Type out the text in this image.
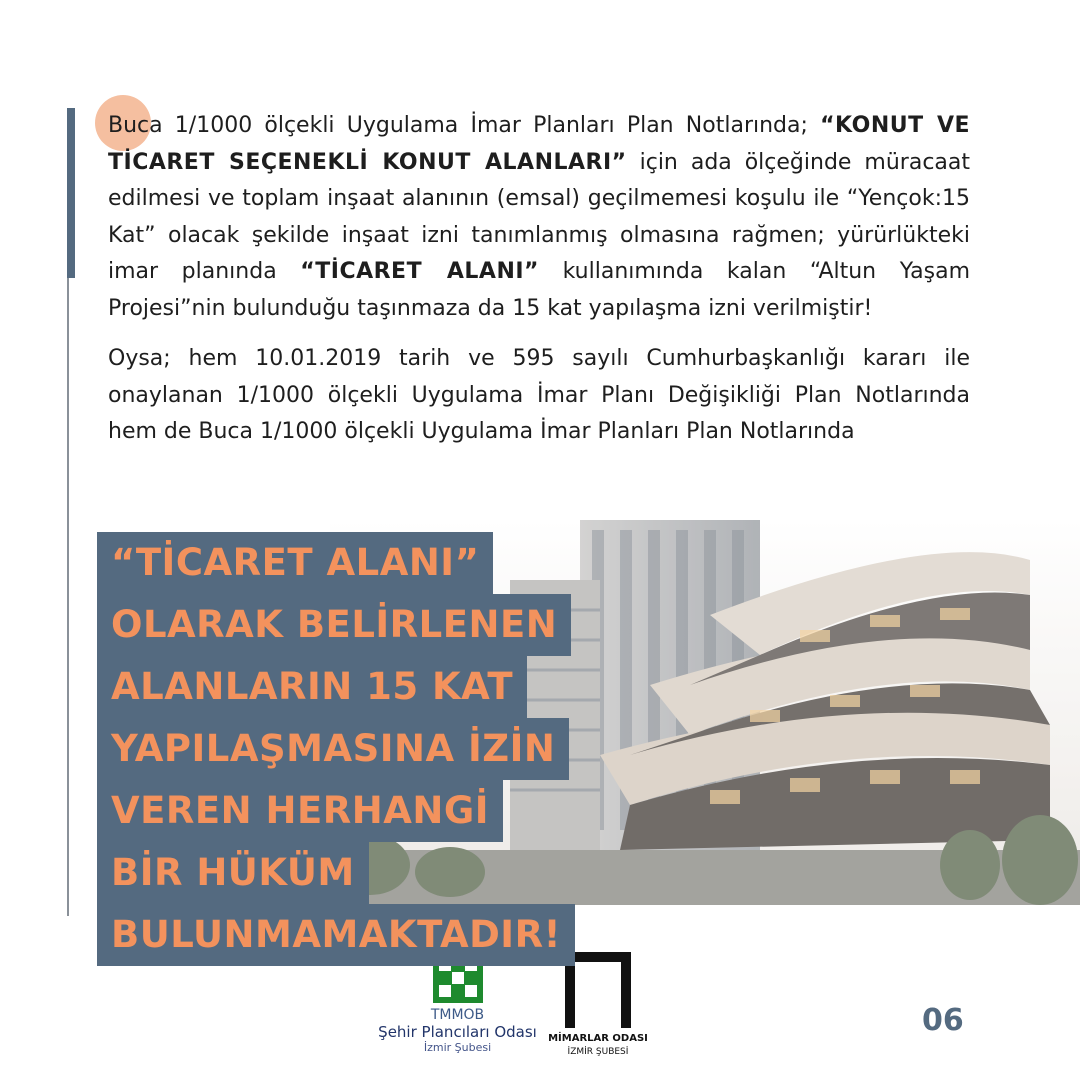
Buca 1/1000 ölçekli Uygulama İmar Planları Plan Notlarında; “KONUT VE TİCARET SEÇENEKLİ KONUT ALANLARI” için ada ölçeğinde müracaat edilmesi ve toplam inşaat alanının (emsal) geçilmemesi koşulu ile “Yençok:15 Kat” olacak şekilde inşaat izni tanımlanmış olmasına rağmen; yürürlükteki imar planında “TİCARET ALANI” kullanımında kalan “Altun Yaşam Projesi”nin bulunduğu taşınmaza da 15 kat yapılaşma izni verilmiştir!

Oysa; hem 10.01.2019 tarih ve 595 sayılı Cumhurbaşkanlığı kararı ile onaylanan 1/1000 ölçekli Uygulama İmar Planı Değişikliği Plan Notlarında hem de Buca 1/1000 ölçekli Uygulama İmar Planları Plan Notlarında

“TİCARET ALANI”
OLARAK BELİRLENEN
ALANLARIN 15 KAT
YAPILAŞMASINA İZİN
VEREN HERHANGİ
BİR HÜKÜM
BULUNMAMAKTADIR!
TMMOB
Şehir Plancıları Odası
İzmir Şubesi
MİMARLAR ODASI
İZMİR ŞUBESİ
06
